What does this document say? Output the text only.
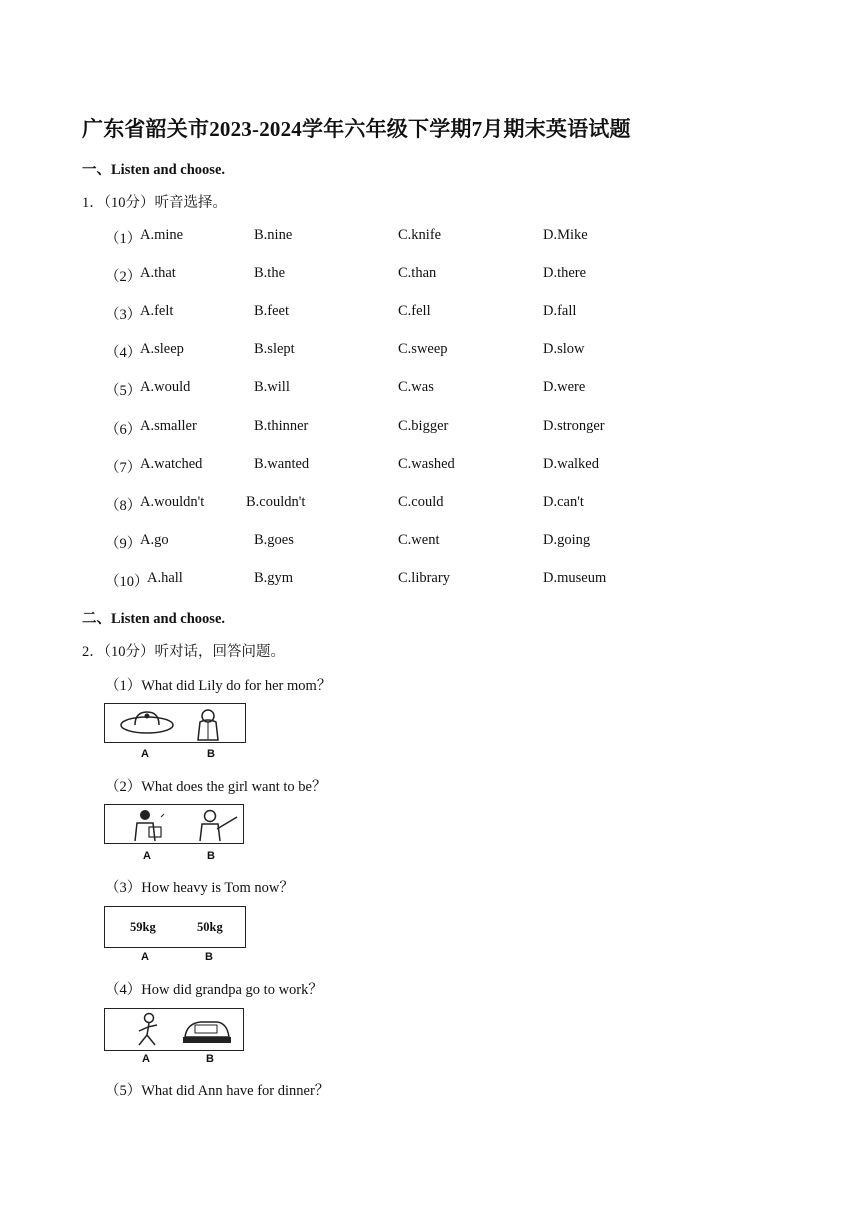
广东省韶关市2023-2024学年六年级下学期7月期末英语试题
一、Listen and choose.
1．（10分）听音选择。
（1）
A.mine	B.nine	C.knife	D.Mike
（2）
A.that	B.the	C.than	D.there
（3）
A.felt	B.feet	C.fell	D.fall
（4）
A.sleep	B.slept	C.sweep	D.slow
（5）
A.would	B.will	C.was	D.were
（6）
A.smaller	B.thinner	C.bigger	D.stronger
（7）
A.watched	B.wanted	C.washed	D.walked
（8）
A.wouldn't	B.couldn't	C.could	D.can't
（9）
A.go	B.goes	C.went	D.going
（10）
A.hall	B.gym	C.library	D.museum
二、Listen and choose.
2．（10分）听对话，回答问题。
（1）What did Lily do for her mom？
A	B
（2）What does the girl want to be？
A	B
（3）How heavy is Tom now？
59kg	50kg
A	B
（4）How did grandpa go to work？
A	B
（5）What did Ann have for dinner？
